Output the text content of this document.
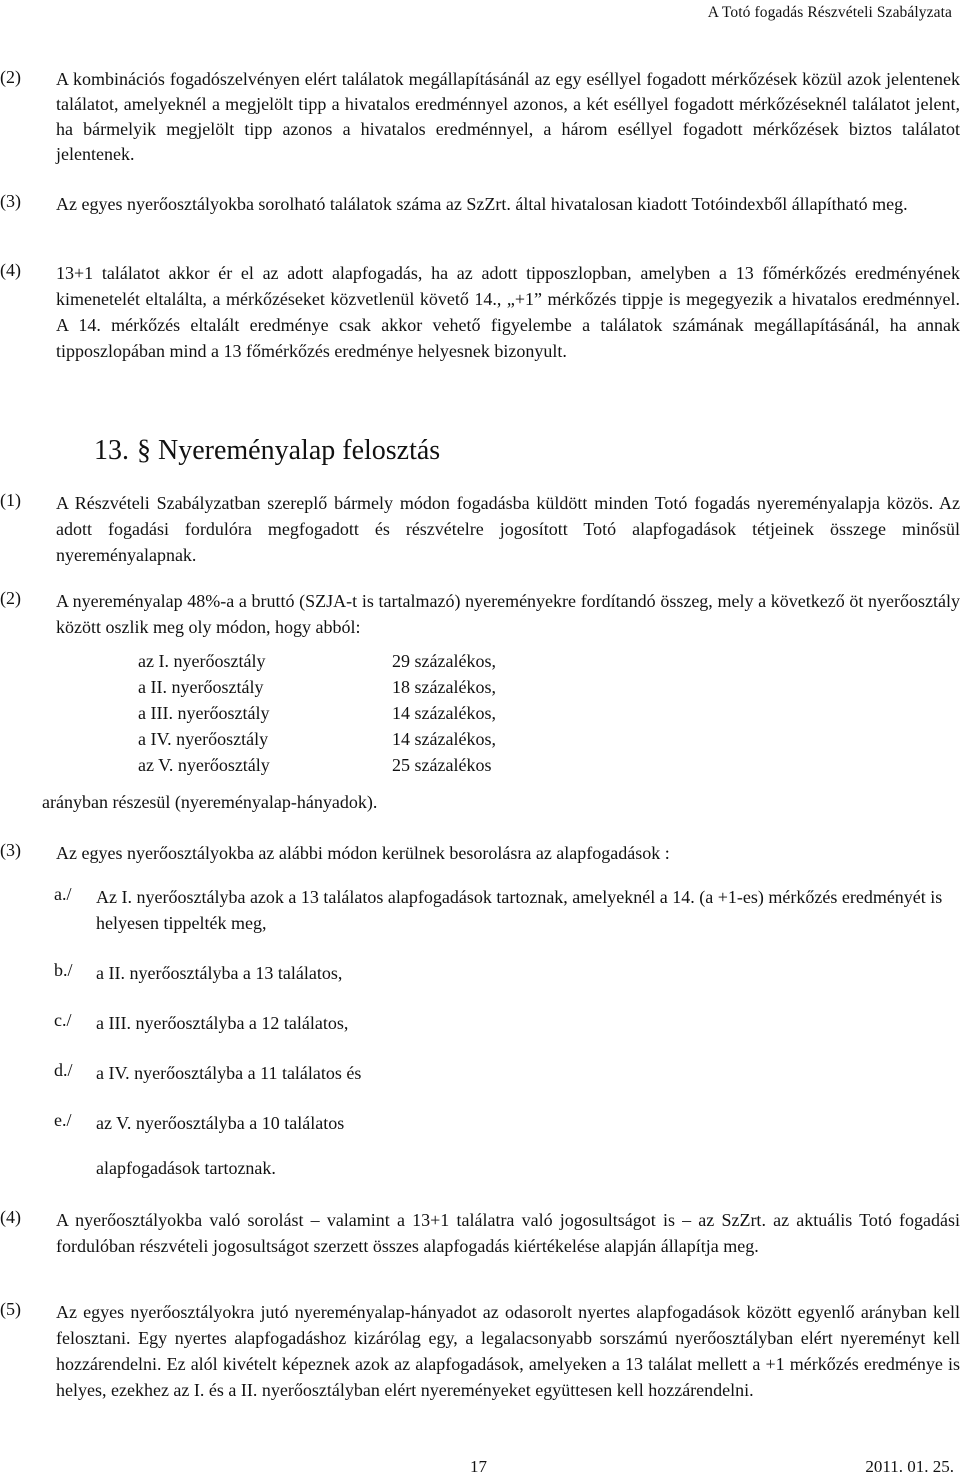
A Totó fogadás Részvételi Szabályzata
(2) A kombinációs fogadószelvényen elért találatok megállapításánál az egy eséllyel fogadott mérkőzések közül azok jelentenek találatot, amelyeknél a megjelölt tipp a hivatalos eredménnyel azonos, a két eséllyel fogadott mérkőzéseknél találatot jelent, ha bármelyik megjelölt tipp azonos a hivatalos eredménnyel, a három eséllyel fogadott mérkőzések biztos találatot jelentenek.
(3) Az egyes nyerőosztályokba sorolható találatok száma az SzZrt. által hivatalosan kiadott Totóindexből állapítható meg.
(4) 13+1 találatot akkor ér el az adott alapfogadás, ha az adott tipposzlopban, amelyben a 13 főmérkőzés eredményének kimenetelét eltalálta, a mérkőzéseket közvetlenül követő 14., „+1” mérkőzés tippje is megegyezik a hivatalos eredménnyel. A 14. mérkőzés eltalált eredménye csak akkor vehető figyelembe a találatok számának megállapításánál, ha annak tipposzlopában mind a 13 főmérkőzés eredménye helyesnek bizonyult.
13. § Nyereményalap felosztás
(1) A Részvételi Szabályzatban szereplő bármely módon fogadásba küldött minden Totó fogadás nyereményalapja közös. Az adott fogadási fordulóra megfogadott és részvételre jogosított Totó alapfogadások tétjeinek összege minősül nyereményalapnak.
(2) A nyereményalap 48%-a a bruttó (SZJA-t is tartalmazó) nyereményekre fordítandó összeg, mely a következő öt nyerőosztály között oszlik meg oly módon, hogy abból:
az I. nyerőosztály	29 százalékos,
a II. nyerőosztály	18 százalékos,
a III. nyerőosztály	14 százalékos,
a IV. nyerőosztály	14 százalékos,
az V. nyerőosztály	25 százalékos
arányban részesül (nyereményalap-hányadok).
(3) Az egyes nyerőosztályokba az alábbi módon kerülnek besorolásra az alapfogadások :
a./ Az I. nyerőosztályba azok a 13 találatos alapfogadások tartoznak, amelyeknél a 14. (a +1-es) mérkőzés eredményét is helyesen tippelték meg,
b./ a II. nyerőosztályba a 13 találatos,
c./ a III. nyerőosztályba a 12 találatos,
d./ a IV. nyerőosztályba a 11 találatos és
e./ az V. nyerőosztályba a 10 találatos
alapfogadások tartoznak.
(4) A nyerőosztályokba való sorolást – valamint a 13+1 találatra való jogosultságot is – az SzZrt. az aktuális Totó fogadási fordulóban részvételi jogosultságot szerzett összes alapfogadás kiértékelése alapján állapítja meg.
(5) Az egyes nyerőosztályokra jutó nyereményalap-hányadot az odasorolt nyertes alapfogadások között egyenlő arányban kell felosztani. Egy nyertes alapfogadáshoz kizárólag egy, a legalacsonyabb sorszámú nyerőosztályban elért nyereményt kell hozzárendelni. Ez alól kivételt képeznek azok az alapfogadások, amelyeken a 13 találat mellett a +1 mérkőzés eredménye is helyes, ezekhez az I. és a II. nyerőosztályban elért nyereményeket együttesen kell hozzárendelni.
17	2011. 01. 25.
